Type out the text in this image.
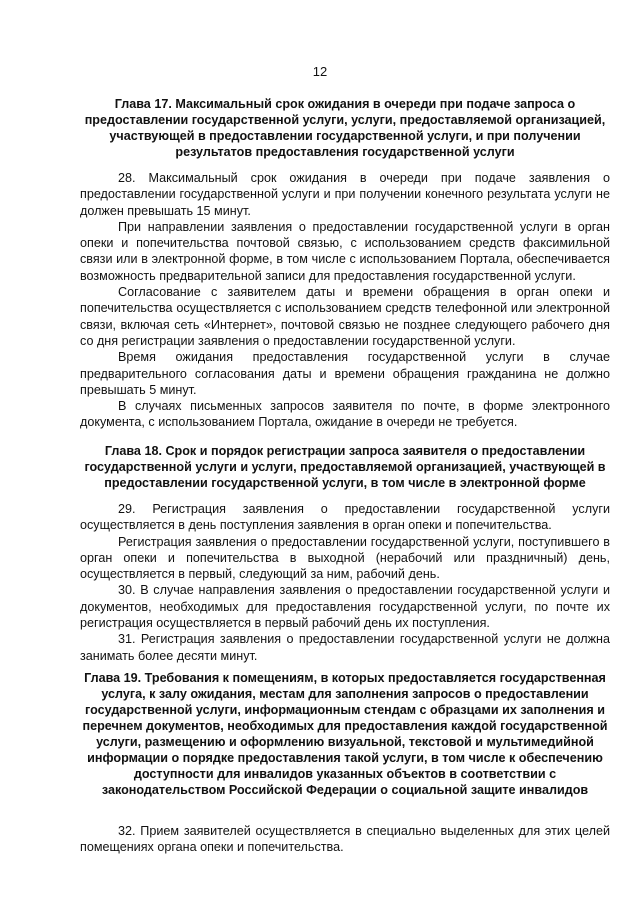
12
Глава 17. Максимальный срок ожидания в очереди при подаче запроса о предоставлении государственной услуги, услуги, предоставляемой организацией, участвующей в предоставлении государственной услуги, и при получении результатов предоставления государственной услуги

28. Максимальный срок ожидания в очереди при подаче заявления о предоставлении государственной услуги и при получении конечного результата услуги не должен превышать 15 минут.

При направлении заявления о предоставлении государственной услуги в орган опеки и попечительства почтовой связью, с использованием средств факсимильной связи или в электронной форме, в том числе с использованием Портала, обеспечивается возможность предварительной записи для предоставления государственной услуги.

Согласование с заявителем даты и времени обращения в орган опеки и попечительства осуществляется с использованием средств телефонной или электронной связи, включая сеть «Интернет», почтовой связью не позднее следующего рабочего дня со дня регистрации заявления о предоставлении государственной услуги.

Время ожидания предоставления государственной услуги в случае предварительного согласования даты и времени обращения гражданина не должно превышать 5 минут.

В случаях письменных запросов заявителя по почте, в форме электронного документа, с использованием Портала, ожидание в очереди не требуется.

Глава 18. Срок и порядок регистрации запроса заявителя о предоставлении государственной услуги и услуги, предоставляемой организацией, участвующей в предоставлении государственной услуги, в том числе в электронной форме

29. Регистрация заявления о предоставлении государственной услуги осуществляется в день поступления заявления в орган опеки и попечительства.

Регистрация заявления о предоставлении государственной услуги, поступившего в орган опеки и попечительства в выходной (нерабочий или праздничный) день, осуществляется в первый, следующий за ним, рабочий день.

30. В случае направления заявления о предоставлении государственной услуги и документов, необходимых для предоставления государственной услуги, по почте их регистрация осуществляется в первый рабочий день их поступления.

31. Регистрация заявления о предоставлении государственной услуги не должна занимать более десяти минут.

Глава 19. Требования к помещениям, в которых предоставляется государственная услуга, к залу ожидания, местам для заполнения запросов о предоставлении государственной услуги, информационным стендам с образцами их заполнения и перечнем документов, необходимых для предоставления каждой государственной услуги, размещению и оформлению визуальной, текстовой и мультимедийной информации о порядке предоставления такой услуги, в том числе к обеспечению доступности для инвалидов указанных объектов в соответствии с законодательством Российской Федерации о социальной защите инвалидов

32. Прием заявителей осуществляется в специально выделенных для этих целей помещениях органа опеки и попечительства.
